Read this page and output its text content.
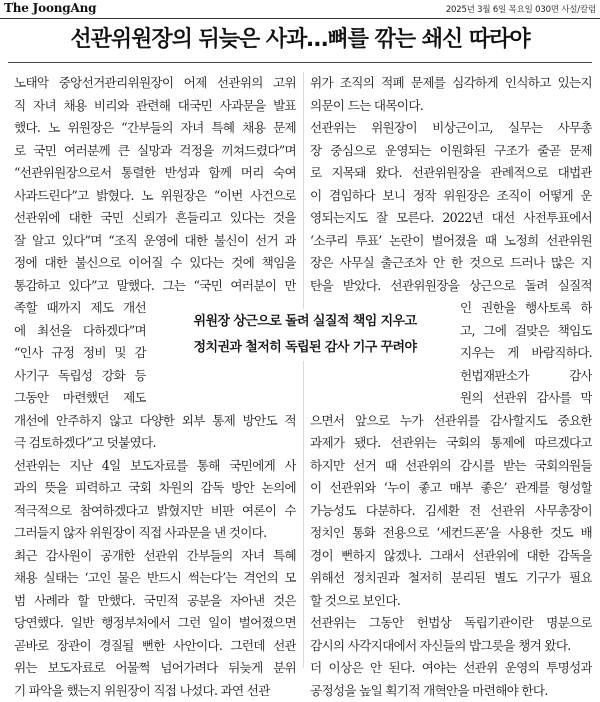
The JoongAng	2025년 3월 6일 목요일 030면 사설/칼럼
선관위원장의 뒤늦은 사과…뼈를 깎는 쇄신 따라야
노태악 중앙선거관리위원장이 어제 선관위의 고위
직 자녀 채용 비리와 관련해 대국민 사과문을 발표
했다. 노 위원장은 “간부들의 자녀 특혜 채용 문제
로 국민 여러분께 큰 실망과 걱정을 끼쳐드렸다”며
“선관위원장으로서 통렬한 반성과 함께 머리 숙여
사과드린다”고 밝혔다. 노 위원장은 “이번 사건으로
선관위에 대한 국민 신뢰가 흔들리고 있다는 것을
잘 알고 있다”며 “조직 운영에 대한 불신이 선거 과
정에 대한 불신으로 이어질 수 있다는 것에 책임을
통감하고 있다”고 말했다. 그는 “국민 여러분이 만
족할 때까지 제도 개선
에 최선을 다하겠다”며
“인사 규정 정비 및 감
사기구 독립성 강화 등
그동안 마련했던 제도
개선에 안주하지 않고 다양한 외부 통제 방안도 적
극 검토하겠다”고 덧붙였다.
선관위는 지난 4일 보도자료를 통해 국민에게 사
과의 뜻을 피력하고 국회 차원의 감독 방안 논의에
적극적으로 참여하겠다고 밝혔지만 비판 여론이 수
그러들지 않자 위원장이 직접 사과문을 낸 것이다.
최근 감사원이 공개한 선관위 간부들의 자녀 특혜
채용 실태는 ‘고인 물은 반드시 썩는다’는 격언의 모
범 사례라 할 만했다. 국민적 공분을 자아낸 것은
당연했다. 일반 행정부처에서 그런 일이 벌어졌으면
곧바로 장관이 경질될 뻔한 사안이다. 그런데 선관
위는 보도자료로 어물쩍 넘어가려다 뒤늦게 분위
기 파악을 했는지 위원장이 직접 나섰다. 과연 선관
위가 조직의 적폐 문제를 심각하게 인식하고 있는지
의문이 드는 대목이다.
선관위는 위원장이 비상근이고, 실무는 사무총
장 중심으로 운영되는 이원화된 구조가 줄곧 문제
로 지목돼 왔다. 선관위원장을 관례적으로 대법관
이 겸임하다 보니 정작 위원장은 조직이 어떻게 운
영되는지도 잘 모른다. 2022년 대선 사전투표에서
‘소쿠리 투표’ 논란이 벌어졌을 때 노정희 선관위원
장은 사무실 출근조차 안 한 것으로 드러나 많은 지
탄을 받았다. 선관위원장을 상근으로 돌려 실질적
인 권한을 행사토록 하
고, 그에 걸맞은 책임도
지우는 게 바람직하다.
헌법재판소가 감사
원의 선관위 감사를 막
으면서 앞으로 누가 선관위를 감사할지도 중요한
과제가 됐다. 선관위는 국회의 통제에 따르겠다고
하지만 선거 때 선관위의 감시를 받는 국회의원들
이 선관위와 ‘누이 좋고 매부 좋은’ 관계를 형성할
가능성도 다분하다. 김세환 전 선관위 사무총장이
정치인 통화 전용으로 ‘세컨드폰’을 사용한 것도 배
경이 뻔하지 않겠나. 그래서 선관위에 대한 감독을
위해선 정치권과 철저히 분리된 별도 기구가 필요
할 것으로 보인다.
선관위는 그동안 헌법상 독립기관이란 명분으로
감시의 사각지대에서 자신들의 밥그릇을 챙겨 왔다.
더 이상은 안 된다. 여야는 선관위 운영의 투명성과
공정성을 높일 획기적 개혁안을 마련해야 한다.
위원장 상근으로 돌려 실질적 책임 지우고
정치권과 철저히 독립된 감사 기구 꾸려야
